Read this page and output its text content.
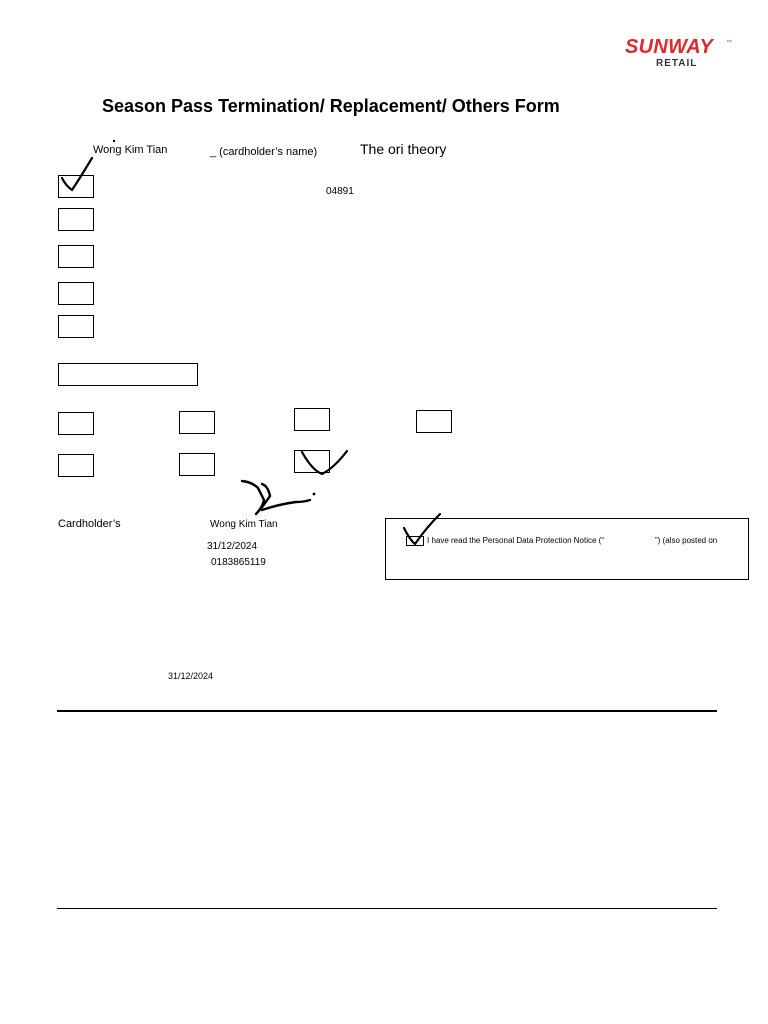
SUNWAY ™
RETAIL
Season Pass Termination/ Replacement/ Others Form
Wong Kim Tian	_ (cardholder’s name)	The ori theory
04891
Cardholder’s	Wong Kim Tian
31/12/2024
0183865119
I have read the Personal Data Protection Notice (“	”) (also posted on
31/12/2024
